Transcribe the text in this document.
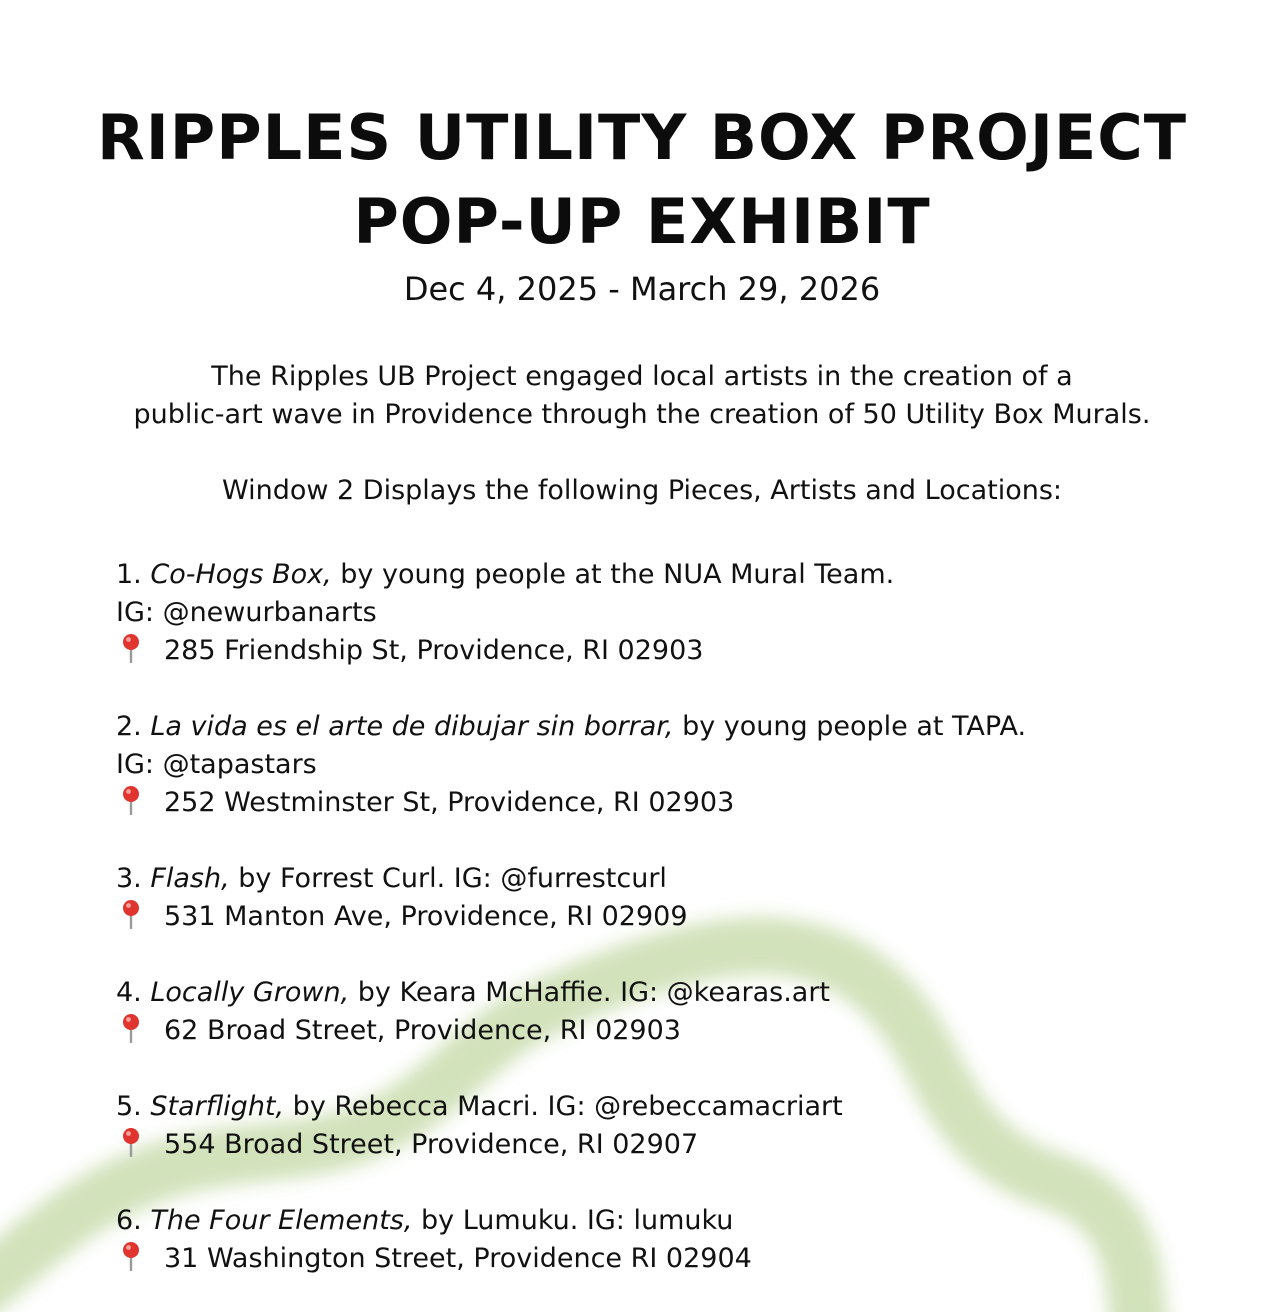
RIPPLES UTILITY BOX PROJECT
POP-UP EXHIBIT

Dec 4, 2025 - March 29, 2026

The Ripples UB Project engaged local artists in the creation of a
public-art wave in Providence through the creation of 50 Utility Box Murals.

Window 2 Displays the following Pieces, Artists and Locations:

1. Co-Hogs Box, by young people at the NUA Mural Team.
IG: @newurbanarts
285 Friendship St, Providence, RI 02903
2. La vida es el arte de dibujar sin borrar, by young people at TAPA.
IG: @tapastars
252 Westminster St, Providence, RI 02903
3. Flash, by Forrest Curl. IG: @furrestcurl
531 Manton Ave, Providence, RI 02909
4. Locally Grown, by Keara McHaffie. IG: @kearas.art
62 Broad Street, Providence, RI 02903
5. Starflight, by Rebecca Macri. IG: @rebeccamacriart
554 Broad Street, Providence, RI 02907
6. The Four Elements, by Lumuku. IG: lumuku
31 Washington Street, Providence RI 02904
